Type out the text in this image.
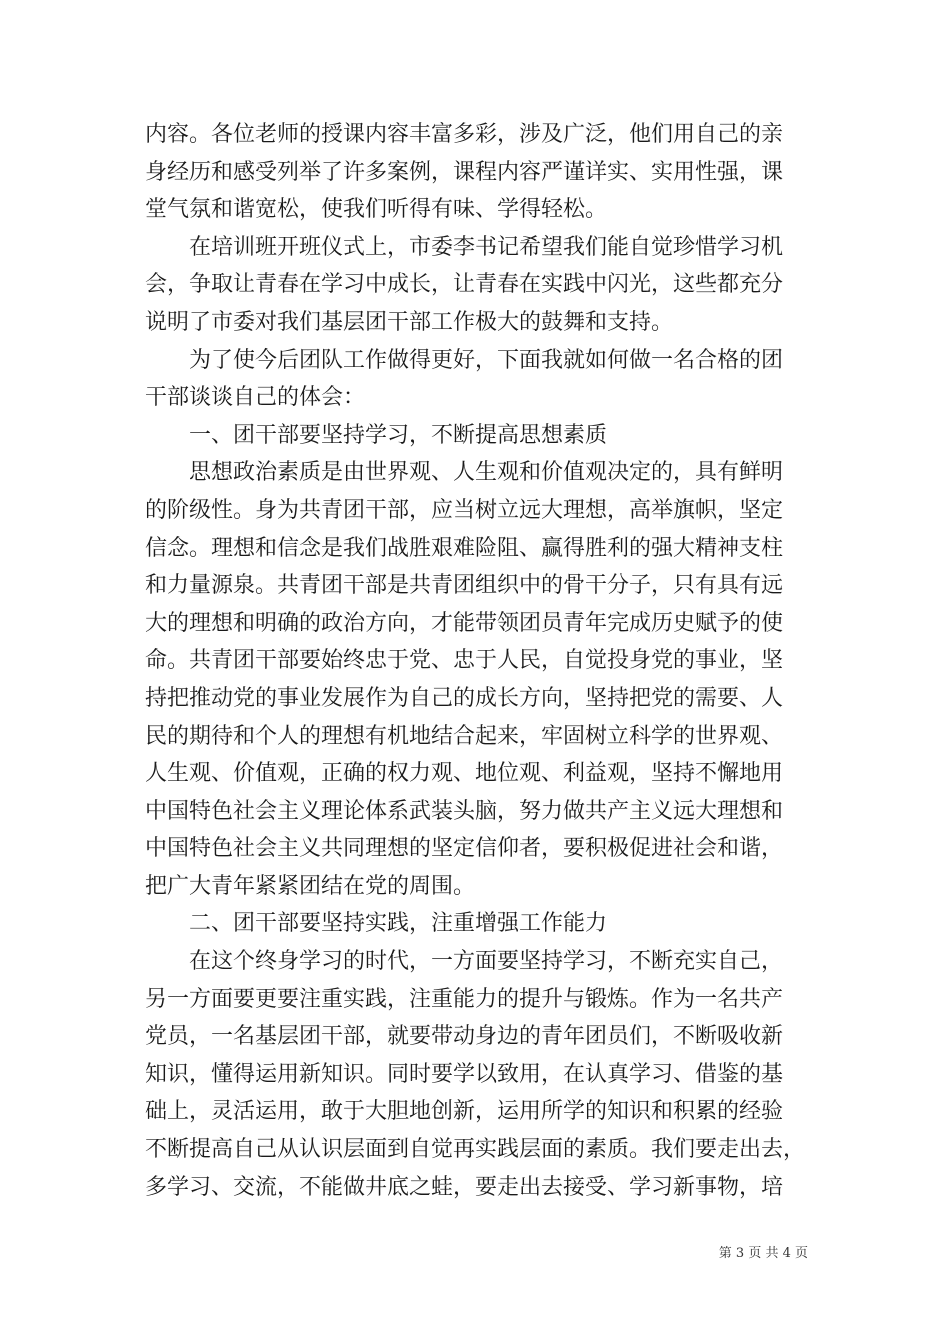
内容。各位老师的授课内容丰富多彩，涉及广泛，他们用自己的亲
身经历和感受列举了许多案例，课程内容严谨详实、实用性强，课
堂气氛和谐宽松，使我们听得有味、学得轻松。
　　在培训班开班仪式上，市委李书记希望我们能自觉珍惜学习机
会，争取让青春在学习中成长，让青春在实践中闪光，这些都充分
说明了市委对我们基层团干部工作极大的鼓舞和支持。
　　为了使今后团队工作做得更好，下面我就如何做一名合格的团
干部谈谈自己的体会：
　　一、团干部要坚持学习，不断提高思想素质
　　思想政治素质是由世界观、人生观和价值观决定的，具有鲜明
的阶级性。身为共青团干部，应当树立远大理想，高举旗帜，坚定
信念。理想和信念是我们战胜艰难险阻、赢得胜利的强大精神支柱
和力量源泉。共青团干部是共青团组织中的骨干分子，只有具有远
大的理想和明确的政治方向，才能带领团员青年完成历史赋予的使
命。共青团干部要始终忠于党、忠于人民，自觉投身党的事业，坚
持把推动党的事业发展作为自己的成长方向，坚持把党的需要、人
民的期待和个人的理想有机地结合起来，牢固树立科学的世界观、
人生观、价值观，正确的权力观、地位观、利益观，坚持不懈地用
中国特色社会主义理论体系武装头脑，努力做共产主义远大理想和
中国特色社会主义共同理想的坚定信仰者，要积极促进社会和谐，
把广大青年紧紧团结在党的周围。
　　二、团干部要坚持实践，注重增强工作能力
　　在这个终身学习的时代，一方面要坚持学习，不断充实自己，
另一方面要更要注重实践，注重能力的提升与锻炼。作为一名共产
党员，一名基层团干部，就要带动身边的青年团员们，不断吸收新
知识，懂得运用新知识。同时要学以致用，在认真学习、借鉴的基
础上，灵活运用，敢于大胆地创新，运用所学的知识和积累的经验
不断提高自己从认识层面到自觉再实践层面的素质。我们要走出去，
多学习、交流，不能做井底之蛙，要走出去接受、学习新事物，培
第 3 页 共 4 页
